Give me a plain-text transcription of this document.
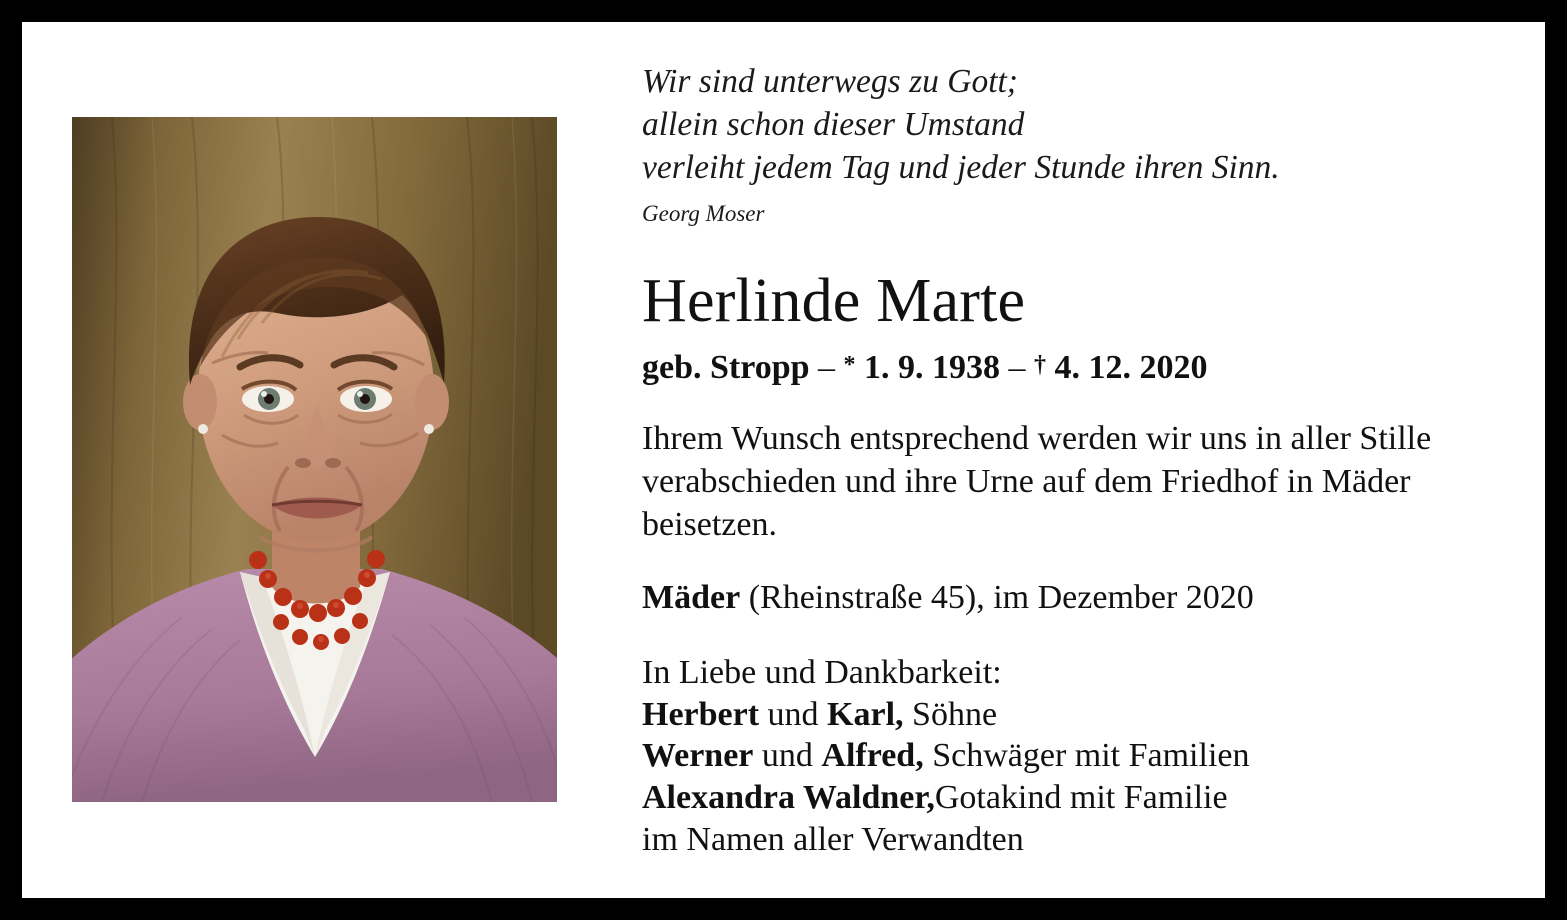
Wir sind unterwegs zu Gott;
allein schon dieser Umstand
verleiht jedem Tag und jeder Stunde ihren Sinn.
Georg Moser
Herlinde Marte
geb. Stropp – * 1. 9. 1938 – † 4. 12. 2020
Ihrem Wunsch entsprechend werden wir uns in aller Stille verabschieden und ihre Urne auf dem Friedhof in Mäder beisetzen.
Mäder (Rheinstraße 45), im Dezember 2020
In Liebe und Dankbarkeit:
Herbert und Karl, Söhne
Werner und Alfred, Schwäger mit Familien
Alexandra Waldner,Gotakind mit Familie
im Namen aller Verwandten
